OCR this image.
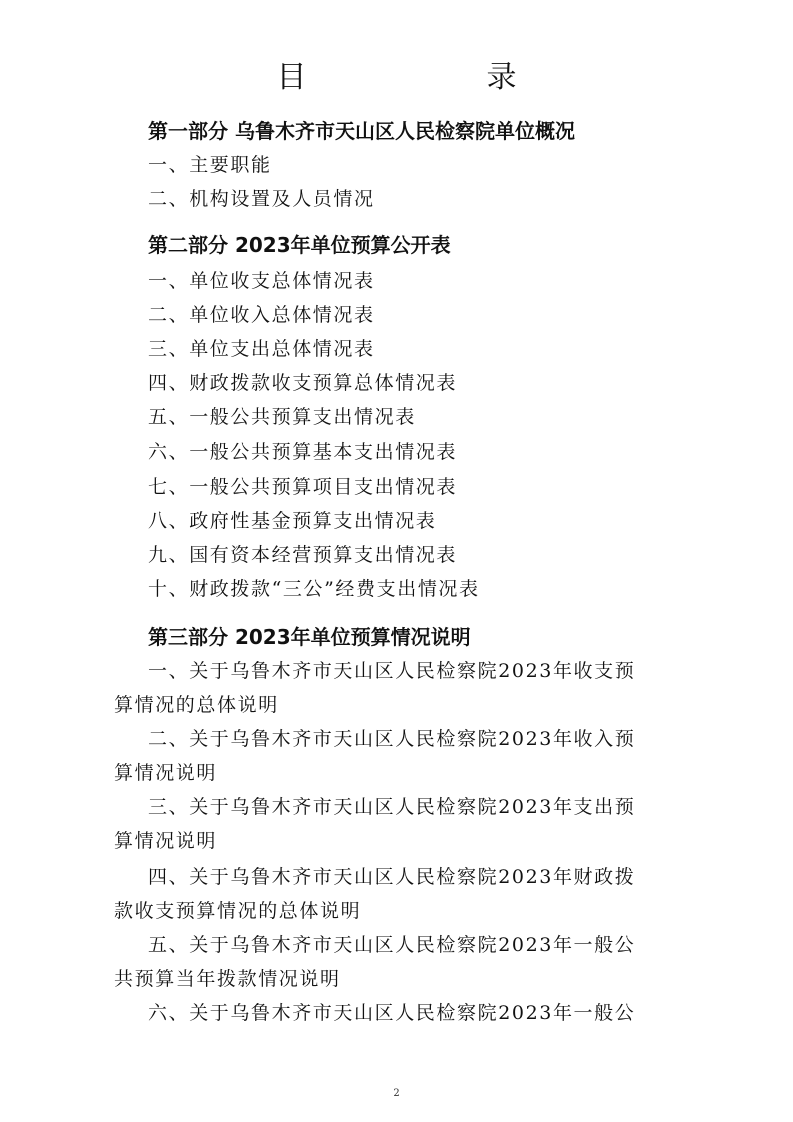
目　　录
第一部分 乌鲁木齐市天山区人民检察院单位概况
一、主要职能
二、机构设置及人员情况
第二部分 2023年单位预算公开表
一、单位收支总体情况表
二、单位收入总体情况表
三、单位支出总体情况表
四、财政拨款收支预算总体情况表
五、一般公共预算支出情况表
六、一般公共预算基本支出情况表
七、一般公共预算项目支出情况表
八、政府性基金预算支出情况表
九、国有资本经营预算支出情况表
十、财政拨款“三公”经费支出情况表
第三部分 2023年单位预算情况说明
一、关于乌鲁木齐市天山区人民检察院2023年收支预
算情况的总体说明
二、关于乌鲁木齐市天山区人民检察院2023年收入预
算情况说明
三、关于乌鲁木齐市天山区人民检察院2023年支出预
算情况说明
四、关于乌鲁木齐市天山区人民检察院2023年财政拨
款收支预算情况的总体说明
五、关于乌鲁木齐市天山区人民检察院2023年一般公
共预算当年拨款情况说明
六、关于乌鲁木齐市天山区人民检察院2023年一般公
2
